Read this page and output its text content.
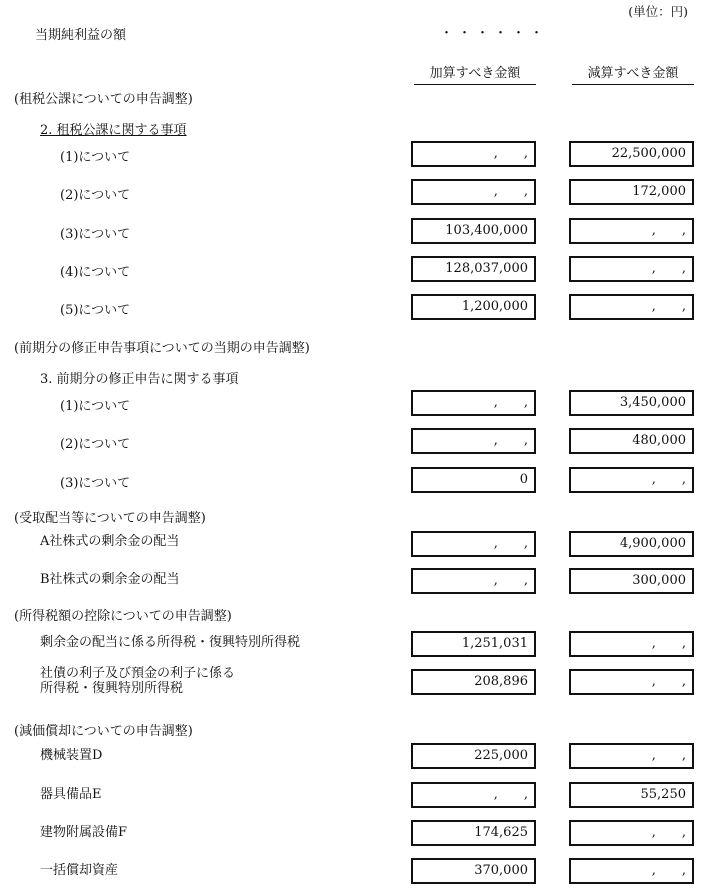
(単位：円)
当期純利益の額	・・・・・・
加算すべき金額	減算すべき金額
(租税公課についての申告調整)
2. 租税公課に関する事項
(1)について	,　　,	22,500,000
(2)について	,　　,	172,000
(3)について	103,400,000	,　　,
(4)について	128,037,000	,　　,
(5)について	1,200,000	,　　,
(前期分の修正申告事項についての当期の申告調整)
3. 前期分の修正申告に関する事項
(1)について	,　　,	3,450,000
(2)について	,　　,	480,000
(3)について	0	,　　,
(受取配当等についての申告調整)
A社株式の剰余金の配当	,　　,	4,900,000
B社株式の剰余金の配当	,　　,	300,000
(所得税額の控除についての申告調整)
剰余金の配当に係る所得税・復興特別所得税	1,251,031	,　　,
社債の利子及び預金の利子に係る
所得税・復興特別所得税	208,896	,　　,
(減価償却についての申告調整)
機械装置D	225,000	,　　,
器具備品E	,　　,	55,250
建物附属設備F	174,625	,　　,
一括償却資産	370,000	,　　,
